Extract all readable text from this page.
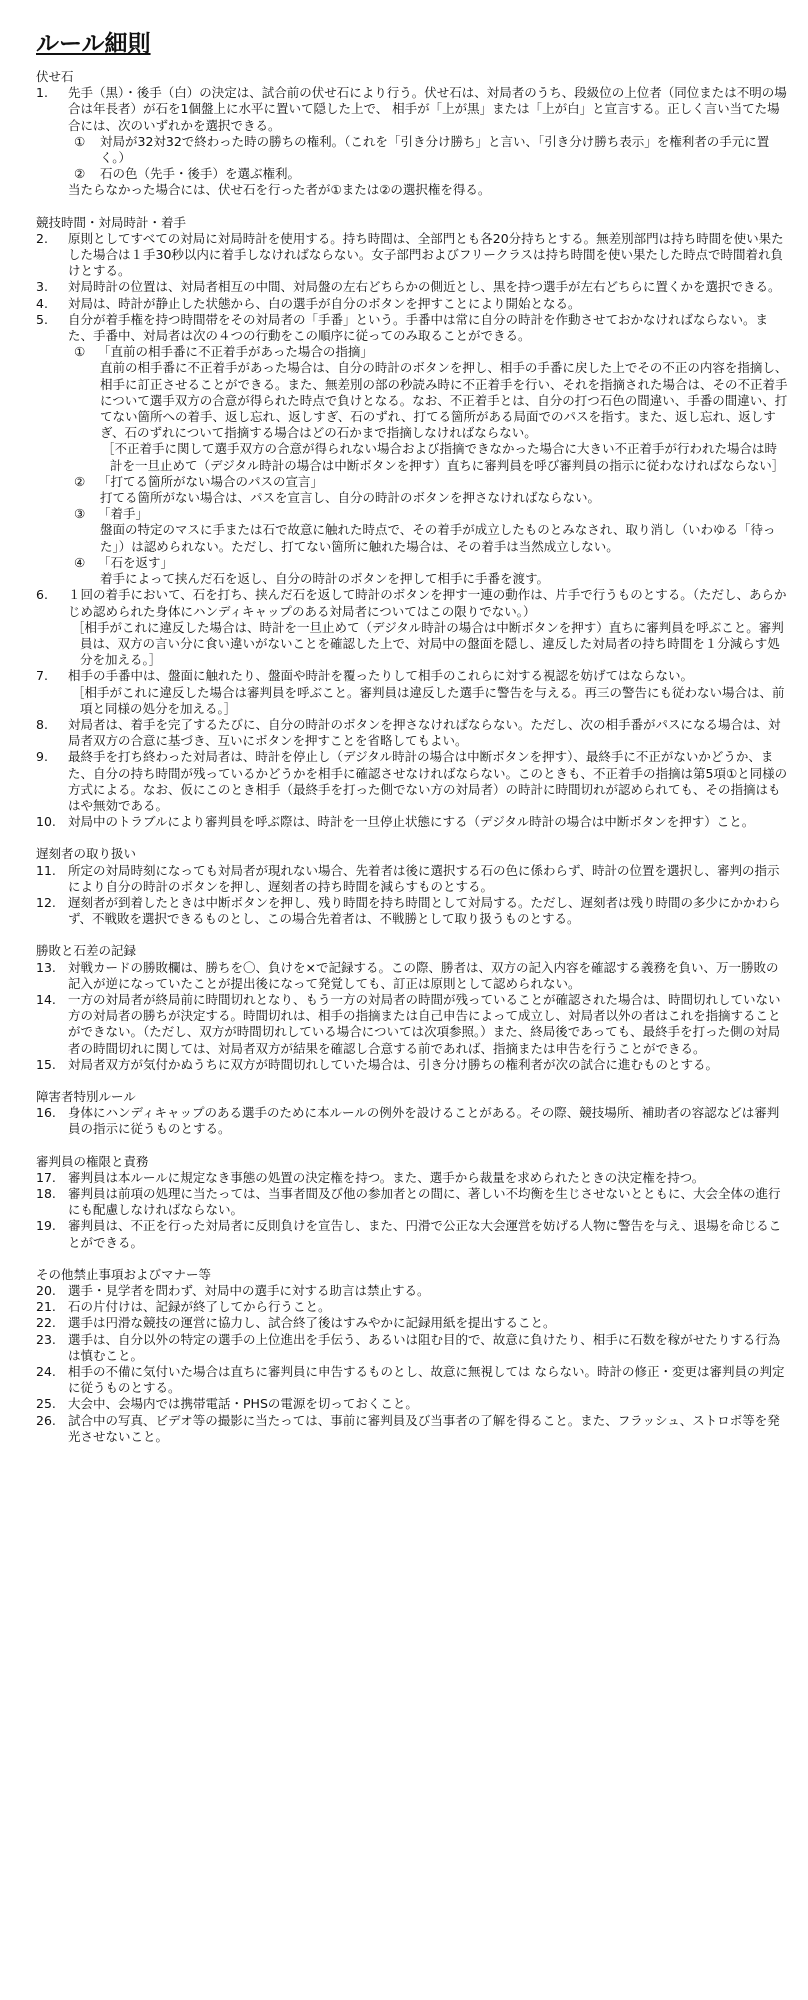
ルール細則
伏せ石
1.	先手（黒）・後手（白）の決定は、試合前の伏せ石により行う。伏せ石は、対局者のうち、段級位の上位者（同位または不明の場合は年長者）が石を1個盤上に水平に置いて隠した上で、 相手が「上が黒」または「上が白」と宣言する。正しく言い当てた場合には、次のいずれかを選択できる。
① 対局が32対32で終わった時の勝ちの権利。（これを「引き分け勝ち」と言い、「引き分け勝ち表示」を権利者の手元に置く。）
② 石の色（先手・後手）を選ぶ権利。
当たらなかった場合には、伏せ石を行った者が①または②の選択権を得る。
競技時間・対局時計・着手
2.	原則としてすべての対局に対局時計を使用する。持ち時間は、全部門とも各20分持ちとする。無差別部門は持ち時間を使い果たした場合は１手30秒以内に着手しなければならない。女子部門およびフリークラスは持ち時間を使い果たした時点で時間着れ負けとする。
3.	対局時計の位置は、対局者相互の中間、対局盤の左右どちらかの側近とし、黒を持つ選手が左右どちらに置くかを選択できる。
4.	対局は、時計が静止した状態から、白の選手が自分のボタンを押すことにより開始となる。
5.	自分が着手権を持つ時間帯をその対局者の「手番」という。手番中は常に自分の時計を作動させておかなければならない。また、手番中、対局者は次の４つの行動をこの順序に従ってのみ取ることができる。
① 「直前の相手番に不正着手があった場合の指摘」
直前の相手番に不正着手があった場合は、自分の時計のボタンを押し、相手の手番に戻した上でその不正の内容を指摘し、相手に訂正させることができる。また、無差別の部の秒読み時に不正着手を行い、それを指摘された場合は、その不正着手について選手双方の合意が得られた時点で負けとなる。なお、不正着手とは、自分の打つ石色の間違い、手番の間違い、打てない箇所への着手、返し忘れ、返しすぎ、石のずれ、打てる箇所がある局面でのパスを指す。また、返し忘れ、返しすぎ、石のずれについて指摘する場合はどの石かまで指摘しなければならない。
［不正着手に関して選手双方の合意が得られない場合および指摘できなかった場合に大きい不正着手が行われた場合は時計を一旦止めて（デジタル時計の場合は中断ボタンを押す）直ちに審判員を呼び審判員の指示に従わなければならない］
② 「打てる箇所がない場合のパスの宣言」
打てる箇所がない場合は、パスを宣言し、自分の時計のボタンを押さなければならない。
③ 「着手」
盤面の特定のマスに手または石で故意に触れた時点で、その着手が成立したものとみなされ、取り消し（いわゆる「待った」）は認められない。ただし、打てない箇所に触れた場合は、その着手は当然成立しない。
④ 「石を返す」
着手によって挟んだ石を返し、自分の時計のボタンを押して相手に手番を渡す。
6.	１回の着手において、石を打ち、挟んだ石を返して時計のボタンを押す一連の動作は、片手で行うものとする。（ただし、あらかじめ認められた身体にハンディキャップのある対局者についてはこの限りでない。）
［相手がこれに違反した場合は、時計を一旦止めて（デジタル時計の場合は中断ボタンを押す）直ちに審判員を呼ぶこと。審判員は、双方の言い分に食い違いがないことを確認した上で、対局中の盤面を隠し、違反した対局者の持ち時間を１分減らす処分を加える。］
7.	相手の手番中は、盤面に触れたり、盤面や時計を覆ったりして相手のこれらに対する視認を妨げてはならない。
［相手がこれに違反した場合は審判員を呼ぶこと。審判員は違反した選手に警告を与える。再三の警告にも従わない場合は、前項と同様の処分を加える。］
8.	対局者は、着手を完了するたびに、自分の時計のボタンを押さなければならない。ただし、次の相手番がパスになる場合は、対局者双方の合意に基づき、互いにボタンを押すことを省略してもよい。
9.	最終手を打ち終わった対局者は、時計を停止し（デジタル時計の場合は中断ボタンを押す）、最終手に不正がないかどうか、また、自分の持ち時間が残っているかどうかを相手に確認させなければならない。このときも、不正着手の指摘は第5項①と同様の方式による。なお、仮にこのとき相手（最終手を打った側でない方の対局者）の時計に時間切れが認められても、その指摘はもはや無効である。
10. 対局中のトラブルにより審判員を呼ぶ際は、時計を一旦停止状態にする（デジタル時計の場合は中断ボタンを押す）こと。
遅刻者の取り扱い
11. 所定の対局時刻になっても対局者が現れない場合、先着者は後に選択する石の色に係わらず、時計の位置を選択し、審判の指示により自分の時計のボタンを押し、遅刻者の持ち時間を減らすものとする。
12. 遅刻者が到着したときは中断ボタンを押し、残り時間を持ち時間として対局する。ただし、遅刻者は残り時間の多少にかかわらず、不戦敗を選択できるものとし、この場合先着者は、不戦勝として取り扱うものとする。
勝敗と石差の記録
13. 対戦カードの勝敗欄は、勝ちを〇、負けを×で記録する。この際、勝者は、双方の記入内容を確認する義務を負い、万一勝敗の記入が逆になっていたことが提出後になって発覚しても、訂正は原則として認められない。
14. 一方の対局者が終局前に時間切れとなり、もう一方の対局者の時間が残っていることが確認された場合は、時間切れしていない方の対局者の勝ちが決定する。時間切れは、相手の指摘または自己申告によって成立し、対局者以外の者はこれを指摘することができない。（ただし、双方が時間切れしている場合については次項参照。）また、終局後であっても、最終手を打った側の対局者の時間切れに関しては、対局者双方が結果を確認し合意する前であれば、指摘または申告を行うことができる。
15. 対局者双方が気付かぬうちに双方が時間切れしていた場合は、引き分け勝ちの権利者が次の試合に進むものとする。
障害者特別ルール
16. 身体にハンディキャップのある選手のために本ルールの例外を設けることがある。その際、競技場所、補助者の容認などは審判員の指示に従うものとする。
審判員の権限と責務
17. 審判員は本ルールに規定なき事態の処置の決定権を持つ。また、選手から裁量を求められたときの決定権を持つ。
18. 審判員は前項の処理に当たっては、当事者間及び他の参加者との間に、著しい不均衡を生じさせないとともに、大会全体の進行にも配慮しなければならない。
19. 審判員は、不正を行った対局者に反則負けを宣告し、また、円滑で公正な大会運営を妨げる人物に警告を与え、退場を命じることができる。
その他禁止事項およびマナー等
20. 選手・見学者を問わず、対局中の選手に対する助言は禁止する。
21. 石の片付けは、記録が終了してから行うこと。
22. 選手は円滑な競技の運営に協力し、試合終了後はすみやかに記録用紙を提出すること。
23. 選手は、自分以外の特定の選手の上位進出を手伝う、あるいは阻む目的で、故意に負けたり、相手に石数を稼がせたりする行為は慎むこと。
24. 相手の不備に気付いた場合は直ちに審判員に申告するものとし、故意に無視しては ならない。時計の修正・変更は審判員の判定に従うものとする。
25. 大会中、会場内では携帯電話・PHSの電源を切っておくこと。
26. 試合中の写真、ビデオ等の撮影に当たっては、事前に審判員及び当事者の了解を得ること。また、フラッシュ、ストロボ等を発光させないこと。
